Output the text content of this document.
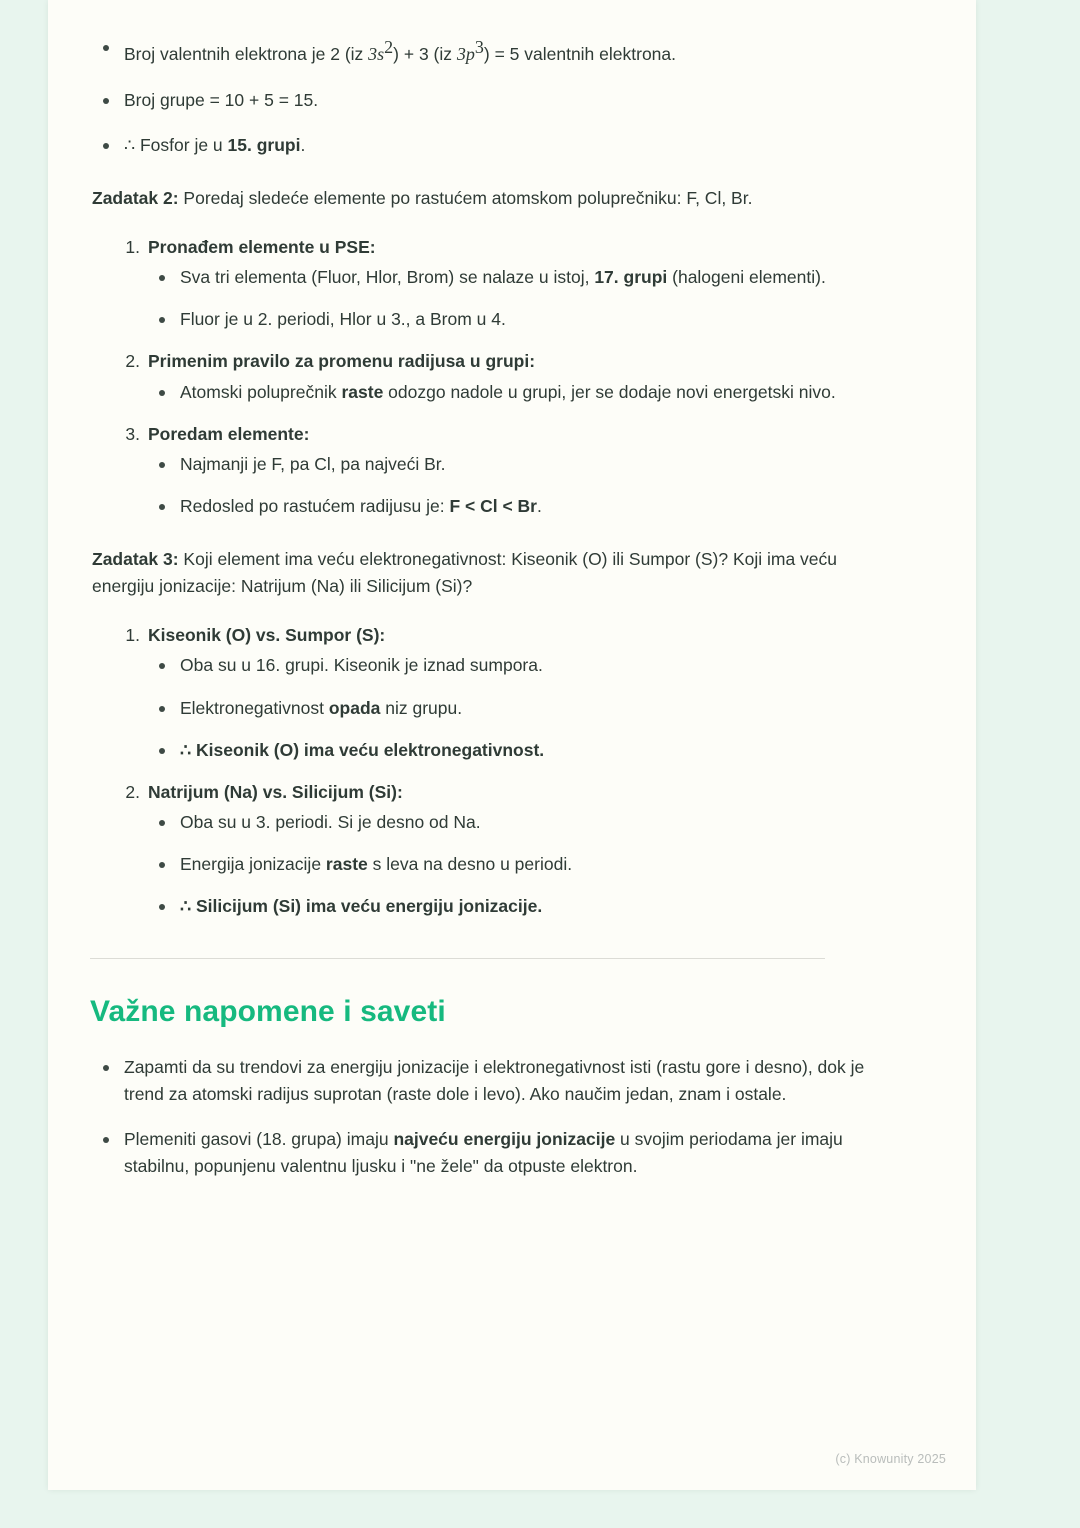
Broj valentnih elektrona je 2 (iz $3s^2) + 3$ (iz $3p^3) = 5$ valentnih elektrona.
Broj grupe = 10 + 5 = 15.
∴ Fosfor je u 15. grupi.
Zadatak 2: Poredaj sledeće elemente po rastućem atomskom poluprečniku: F, Cl, Br.
Pronađem elemente u PSE:
Sva tri elementa (Fluor, Hlor, Brom) se nalaze u istoj, 17. grupi (halogeni elementi).
Fluor je u 2. periodi, Hlor u 3., a Brom u 4.
Primenim pravilo za promenu radijusa u grupi:
Atomski poluprečnik raste odozgo nadole u grupi, jer se dodaje novi energetski nivo.
Poredam elemente:
Najmanji je F, pa Cl, pa najveći Br.
Redosled po rastućem radijusu je: F < Cl < Br.
Zadatak 3: Koji element ima veću elektronegativnost: Kiseonik (O) ili Sumpor (S)? Koji ima veću energiju jonizacije: Natrijum (Na) ili Silicijum (Si)?
Kiseonik (O) vs. Sumpor (S):
Oba su u 16. grupi. Kiseonik je iznad sumpora.
Elektronegativnost opada niz grupu.
∴ Kiseonik (O) ima veću elektronegativnost.
Natrijum (Na) vs. Silicijum (Si):
Oba su u 3. periodi. Si je desno od Na.
Energija jonizacije raste s leva na desno u periodi.
∴ Silicijum (Si) ima veću energiju jonizacije.
Važne napomene i saveti
Zapamti da su trendovi za energiju jonizacije i elektronegativnost isti (rastu gore i desno), dok je trend za atomski radijus suprotan (raste dole i levo). Ako naučim jedan, znam i ostale.
Plemeniti gasovi (18. grupa) imaju najveću energiju jonizacije u svojim periodama jer imaju stabilnu, popunjenu valentnu ljusku i "ne žele" da otpuste elektron.
(c) Knowunity 2025
